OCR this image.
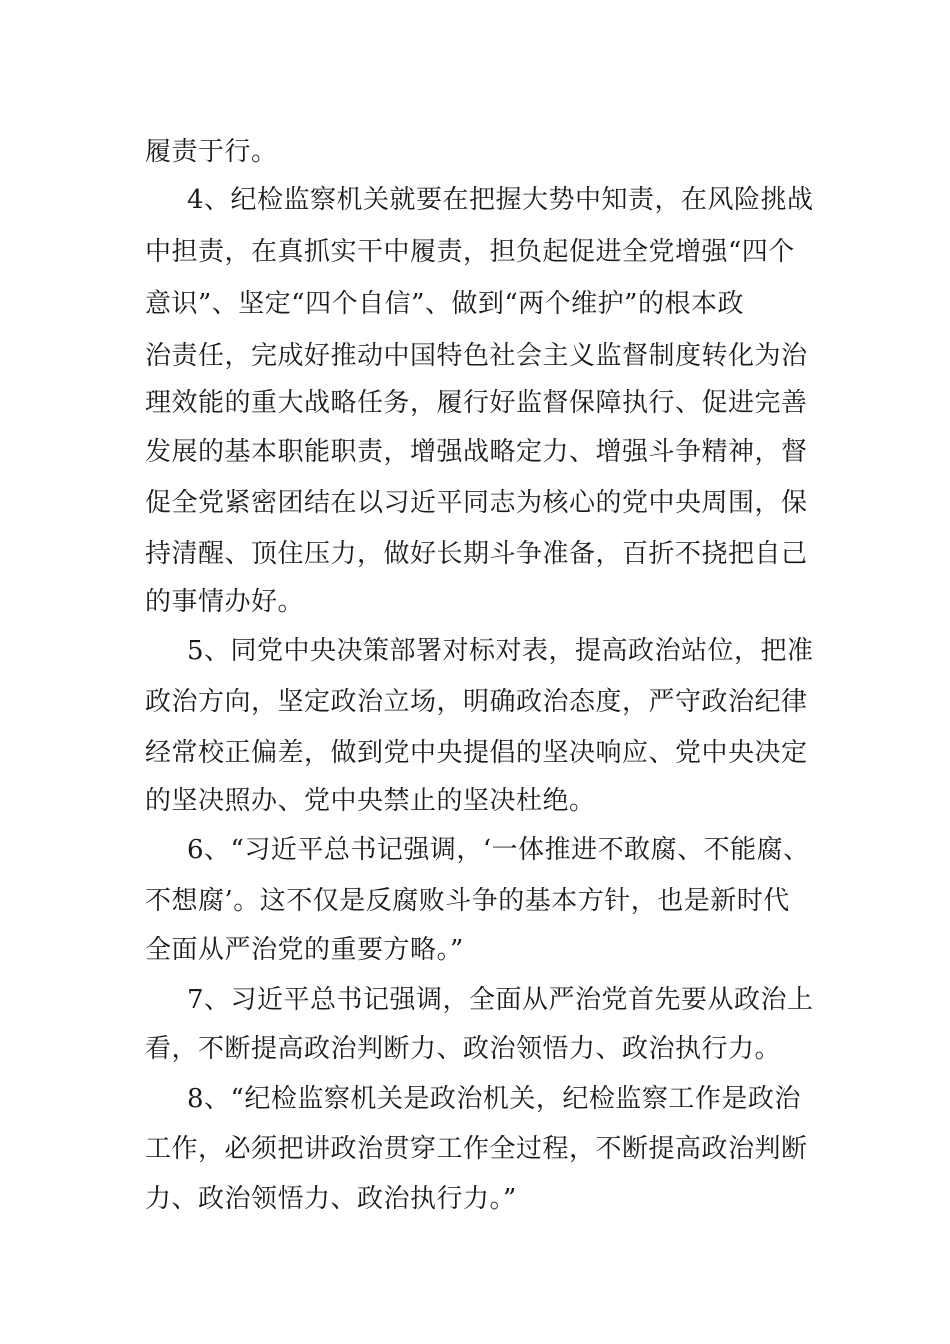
履责于行。

4、纪检监察机关就要在把握大势中知责，在风险挑战

中担责，在真抓实干中履责，担负起促进全党增强“四个

意识”、坚定“四个自信”、做到“两个维护”的根本政

治责任，完成好推动中国特色社会主义监督制度转化为治

理效能的重大战略任务，履行好监督保障执行、促进完善

发展的基本职能职责，增强战略定力、增强斗争精神，督

促全党紧密团结在以习近平同志为核心的党中央周围，保

持清醒、顶住压力，做好长期斗争准备，百折不挠把自己

的事情办好。

5、同党中央决策部署对标对表，提高政治站位，把准

政治方向，坚定政治立场，明确政治态度，严守政治纪律

经常校正偏差，做到党中央提倡的坚决响应、党中央决定

的坚决照办、党中央禁止的坚决杜绝。

6、“习近平总书记强调，‘一体推进不敢腐、不能腐、

不想腐’。这不仅是反腐败斗争的基本方针，也是新时代

全面从严治党的重要方略。”

7、习近平总书记强调，全面从严治党首先要从政治上

看，不断提高政治判断力、政治领悟力、政治执行力。

8、“纪检监察机关是政治机关，纪检监察工作是政治

工作，必须把讲政治贯穿工作全过程，不断提高政治判断

力、政治领悟力、政治执行力。”
